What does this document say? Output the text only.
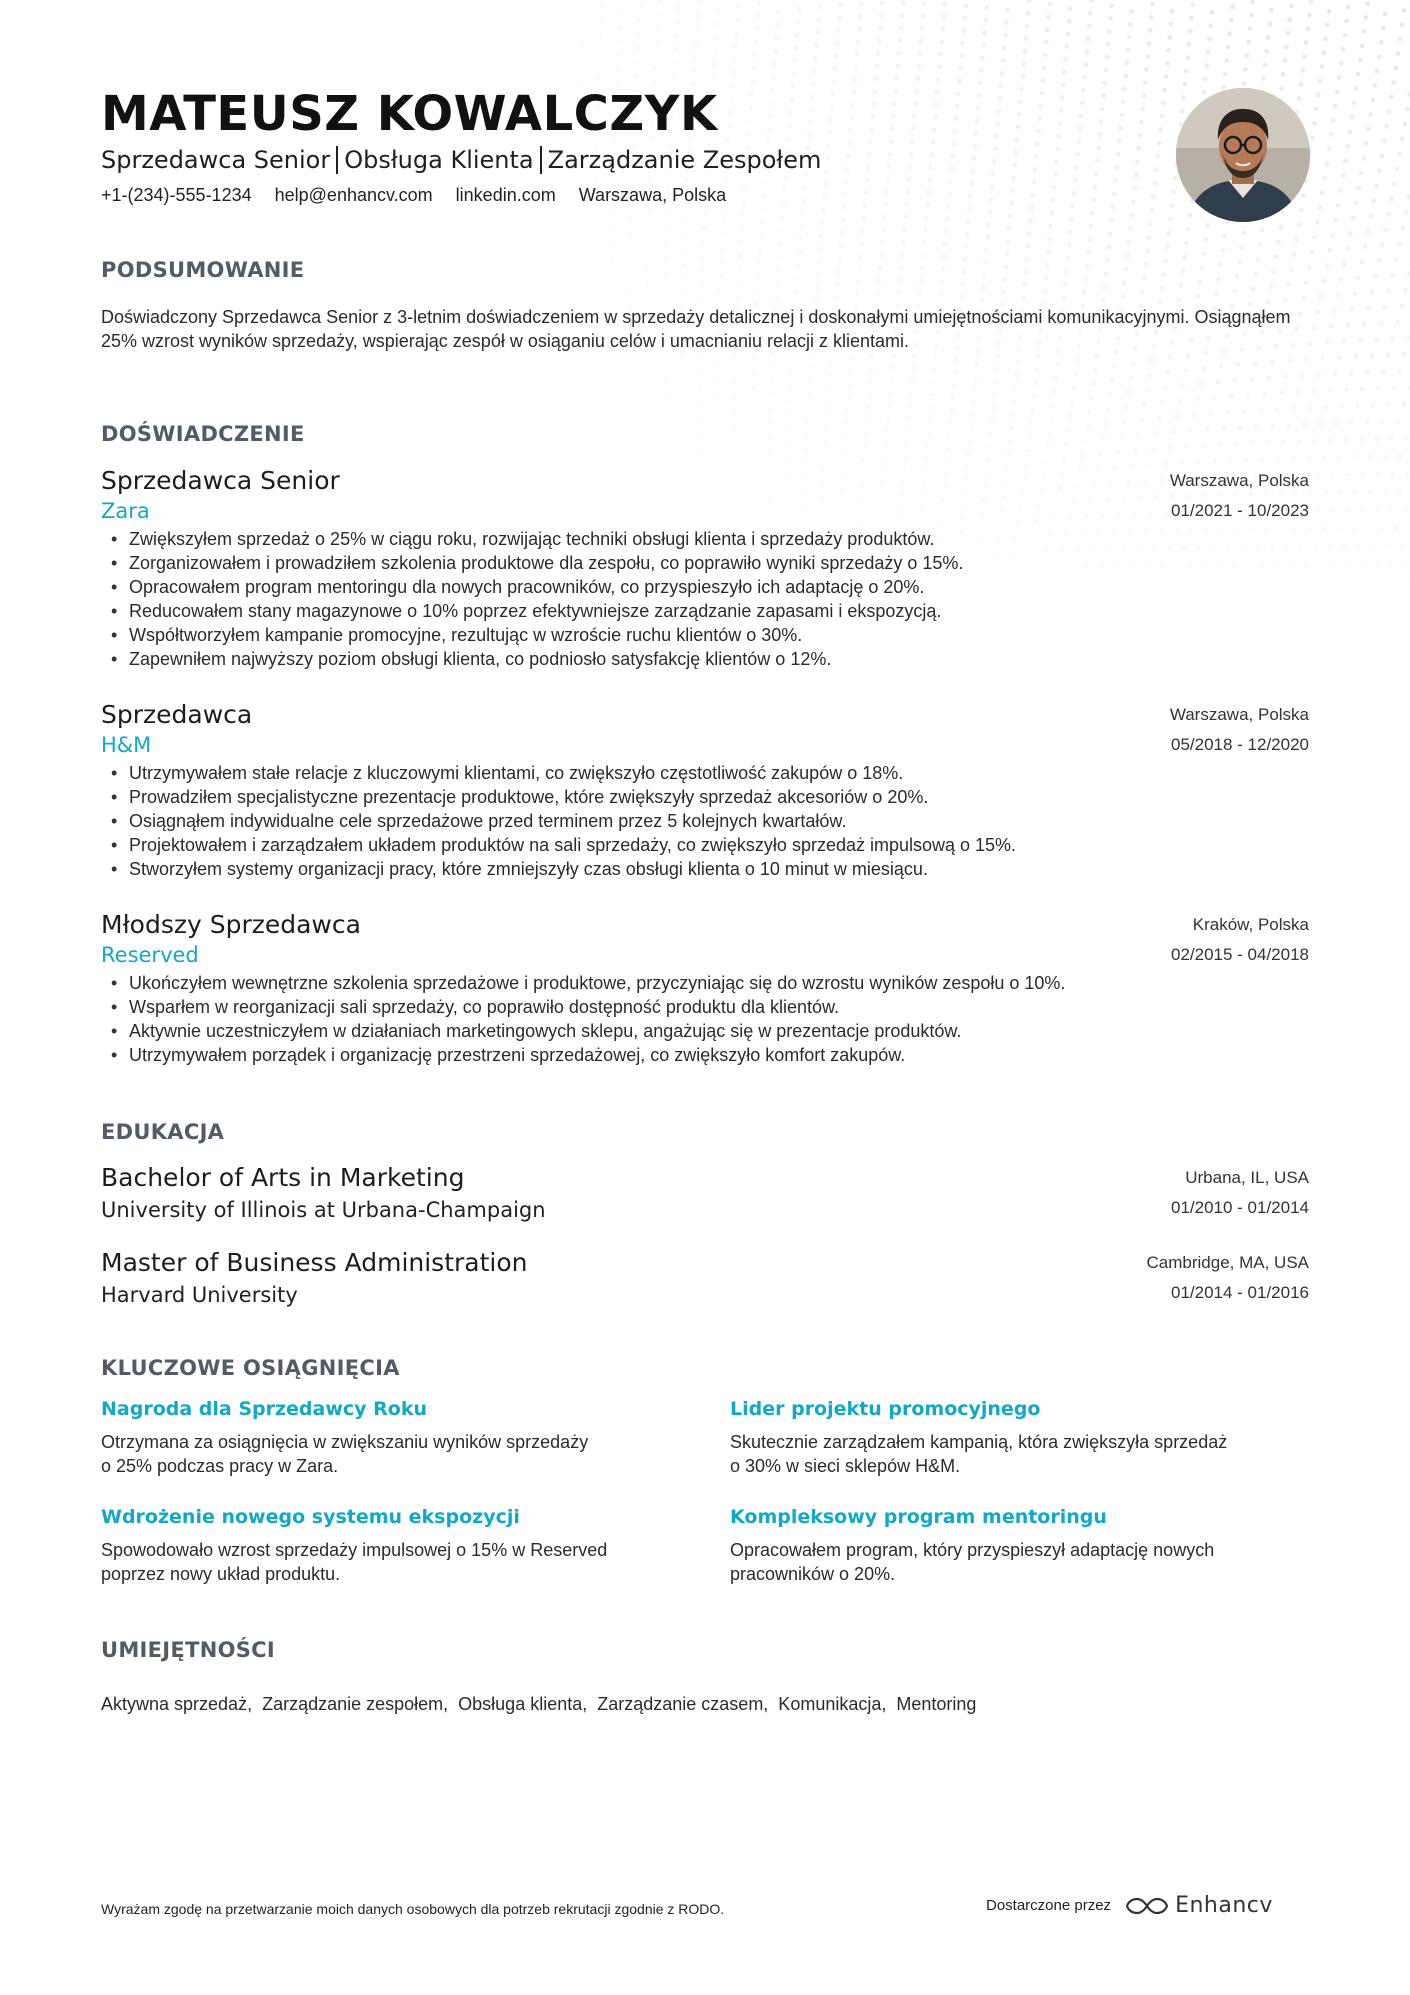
MATEUSZ KOWALCZYK
Sprzedawca Senior Obsługa Klienta Zarządzanie Zespołem
+1-(234)-555-1234 help@enhancv.com linkedin.com Warszawa, Polska
PODSUMOWANIE
Doświadczony Sprzedawca Senior z 3-letnim doświadczeniem w sprzedaży detalicznej i doskonałymi umiejętnościami komunikacyjnymi. Osiągnąłem 25% wzrost wyników sprzedaży, wspierając zespół w osiąganiu celów i umacnianiu relacji z klientami.
DOŚWIADCZENIE
Sprzedawca Senior
Zara
Warszawa, Polska
01/2021 - 10/2023
• Zwiększyłem sprzedaż o 25% w ciągu roku, rozwijając techniki obsługi klienta i sprzedaży produktów.
• Zorganizowałem i prowadziłem szkolenia produktowe dla zespołu, co poprawiło wyniki sprzedaży o 15%.
• Opracowałem program mentoringu dla nowych pracowników, co przyspieszyło ich adaptację o 20%.
• Reducowałem stany magazynowe o 10% poprzez efektywniejsze zarządzanie zapasami i ekspozycją.
• Współtworzyłem kampanie promocyjne, rezultując w wzroście ruchu klientów o 30%.
• Zapewniłem najwyższy poziom obsługi klienta, co podniosło satysfakcję klientów o 12%.
Sprzedawca
H&M
Warszawa, Polska
05/2018 - 12/2020
• Utrzymywałem stałe relacje z kluczowymi klientami, co zwiększyło częstotliwość zakupów o 18%.
• Prowadziłem specjalistyczne prezentacje produktowe, które zwiększyły sprzedaż akcesoriów o 20%.
• Osiągnąłem indywidualne cele sprzedażowe przed terminem przez 5 kolejnych kwartałów.
• Projektowałem i zarządzałem układem produktów na sali sprzedaży, co zwiększyło sprzedaż impulsową o 15%.
• Stworzyłem systemy organizacji pracy, które zmniejszyły czas obsługi klienta o 10 minut w miesiącu.
Młodszy Sprzedawca
Reserved
Kraków, Polska
02/2015 - 04/2018
• Ukończyłem wewnętrzne szkolenia sprzedażowe i produktowe, przyczyniając się do wzrostu wyników zespołu o 10%.
• Wsparłem w reorganizacji sali sprzedaży, co poprawiło dostępność produktu dla klientów.
• Aktywnie uczestniczyłem w działaniach marketingowych sklepu, angażując się w prezentacje produktów.
• Utrzymywałem porządek i organizację przestrzeni sprzedażowej, co zwiększyło komfort zakupów.
EDUKACJA
Bachelor of Arts in Marketing
University of Illinois at Urbana-Champaign
Urbana, IL, USA
01/2010 - 01/2014
Master of Business Administration
Harvard University
Cambridge, MA, USA
01/2014 - 01/2016
KLUCZOWE OSIĄGNIĘCIA
Nagroda dla Sprzedawcy Roku
Otrzymana za osiągnięcia w zwiększaniu wyników sprzedaży
o 25% podczas pracy w Zara.
Lider projektu promocyjnego
Skutecznie zarządzałem kampanią, która zwiększyła sprzedaż
o 30% w sieci sklepów H&M.
Wdrożenie nowego systemu ekspozycji
Spowodowało wzrost sprzedaży impulsowej o 15% w Reserved
poprzez nowy układ produktu.
Kompleksowy program mentoringu
Opracowałem program, który przyspieszył adaptację nowych
pracowników o 20%.
UMIEJĘTNOŚCI
Aktywna sprzedaż,  Zarządzanie zespołem,  Obsługa klienta,  Zarządzanie czasem,  Komunikacja,  Mentoring
Wyrażam zgodę na przetwarzanie moich danych osobowych dla potrzeb rekrutacji zgodnie z RODO.	Dostarczone przez	Enhancv
